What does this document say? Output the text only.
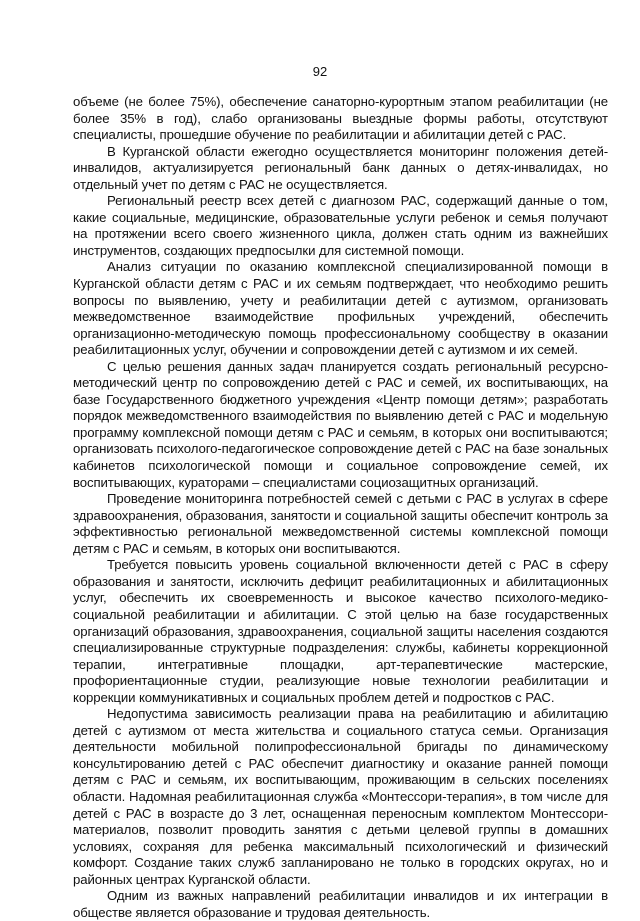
92

объеме (не более 75%), обеспечение санаторно-курортным этапом реабилитации (не более 35% в год), слабо организованы выездные формы работы, отсутствуют специалисты, прошедшие обучение по реабилитации и абилитации детей с РАС.

В Курганской области ежегодно осуществляется мониторинг положения детей-инвалидов, актуализируется региональный банк данных о детях-инвалидах, но отдельный учет по детям с РАС не осуществляется.

Региональный реестр всех детей с диагнозом РАС, содержащий данные о том, какие социальные, медицинские, образовательные услуги ребенок и семья получают на протяжении всего своего жизненного цикла, должен стать одним из важнейших инструментов, создающих предпосылки для системной помощи.

Анализ ситуации по оказанию комплексной специализированной помощи в Курганской области детям с РАС и их семьям подтверждает, что необходимо решить вопросы по выявлению, учету и реабилитации детей с аутизмом, организовать межведомственное взаимодействие профильных учреждений, обеспечить организационно-методическую помощь профессиональному сообществу в оказании реабилитационных услуг, обучении и сопровождении детей с аутизмом и их семей.

С целью решения данных задач планируется создать региональный ресурсно-методический центр по сопровождению детей с РАС и семей, их воспитывающих, на базе Государственного бюджетного учреждения «Центр помощи детям»; разработать порядок межведомственного взаимодействия по выявлению детей с РАС и модельную программу комплексной помощи детям с РАС и семьям, в которых они воспитываются; организовать психолого-педагогическое сопровождение детей с РАС на базе зональных кабинетов психологической помощи и социальное сопровождение семей, их воспитывающих, кураторами – специалистами социозащитных организаций.

Проведение мониторинга потребностей семей с детьми с РАС в услугах в сфере здравоохранения, образования, занятости и социальной защиты обеспечит контроль за эффективностью региональной межведомственной системы комплексной помощи детям с РАС и семьям, в которых они воспитываются.

Требуется повысить уровень социальной включенности детей с РАС в сферу образования и занятости, исключить дефицит реабилитационных и абилитационных услуг, обеспечить их своевременность и высокое качество психолого-медико-социальной реабилитации и абилитации. С этой целью на базе государственных организаций образования, здравоохранения, социальной защиты населения создаются специализированные структурные подразделения: службы, кабинеты коррекционной терапии, интегративные площадки, арт-терапевтические мастерские, профориентационные студии, реализующие новые технологии реабилитации и коррекции коммуникативных и социальных проблем детей и подростков с РАС.

Недопустима зависимость реализации права на реабилитацию и абилитацию детей с аутизмом от места жительства и социального статуса семьи. Организация деятельности мобильной полипрофессиональной бригады по динамическому консультированию детей с РАС обеспечит диагностику и оказание ранней помощи детям с РАС и семьям, их воспитывающим, проживающим в сельских поселениях области. Надомная реабилитационная служба «Монтессори-терапия», в том числе для детей с РАС в возрасте до 3 лет, оснащенная переносным комплектом Монтессори-материалов, позволит проводить занятия с детьми целевой группы в домашних условиях, сохраняя для ребенка максимальный психологический и физический комфорт. Создание таких служб запланировано не только в городских округах, но и районных центрах Курганской области.

Одним из важных направлений реабилитации инвалидов и их интеграции в обществе является образование и трудовая деятельность.
